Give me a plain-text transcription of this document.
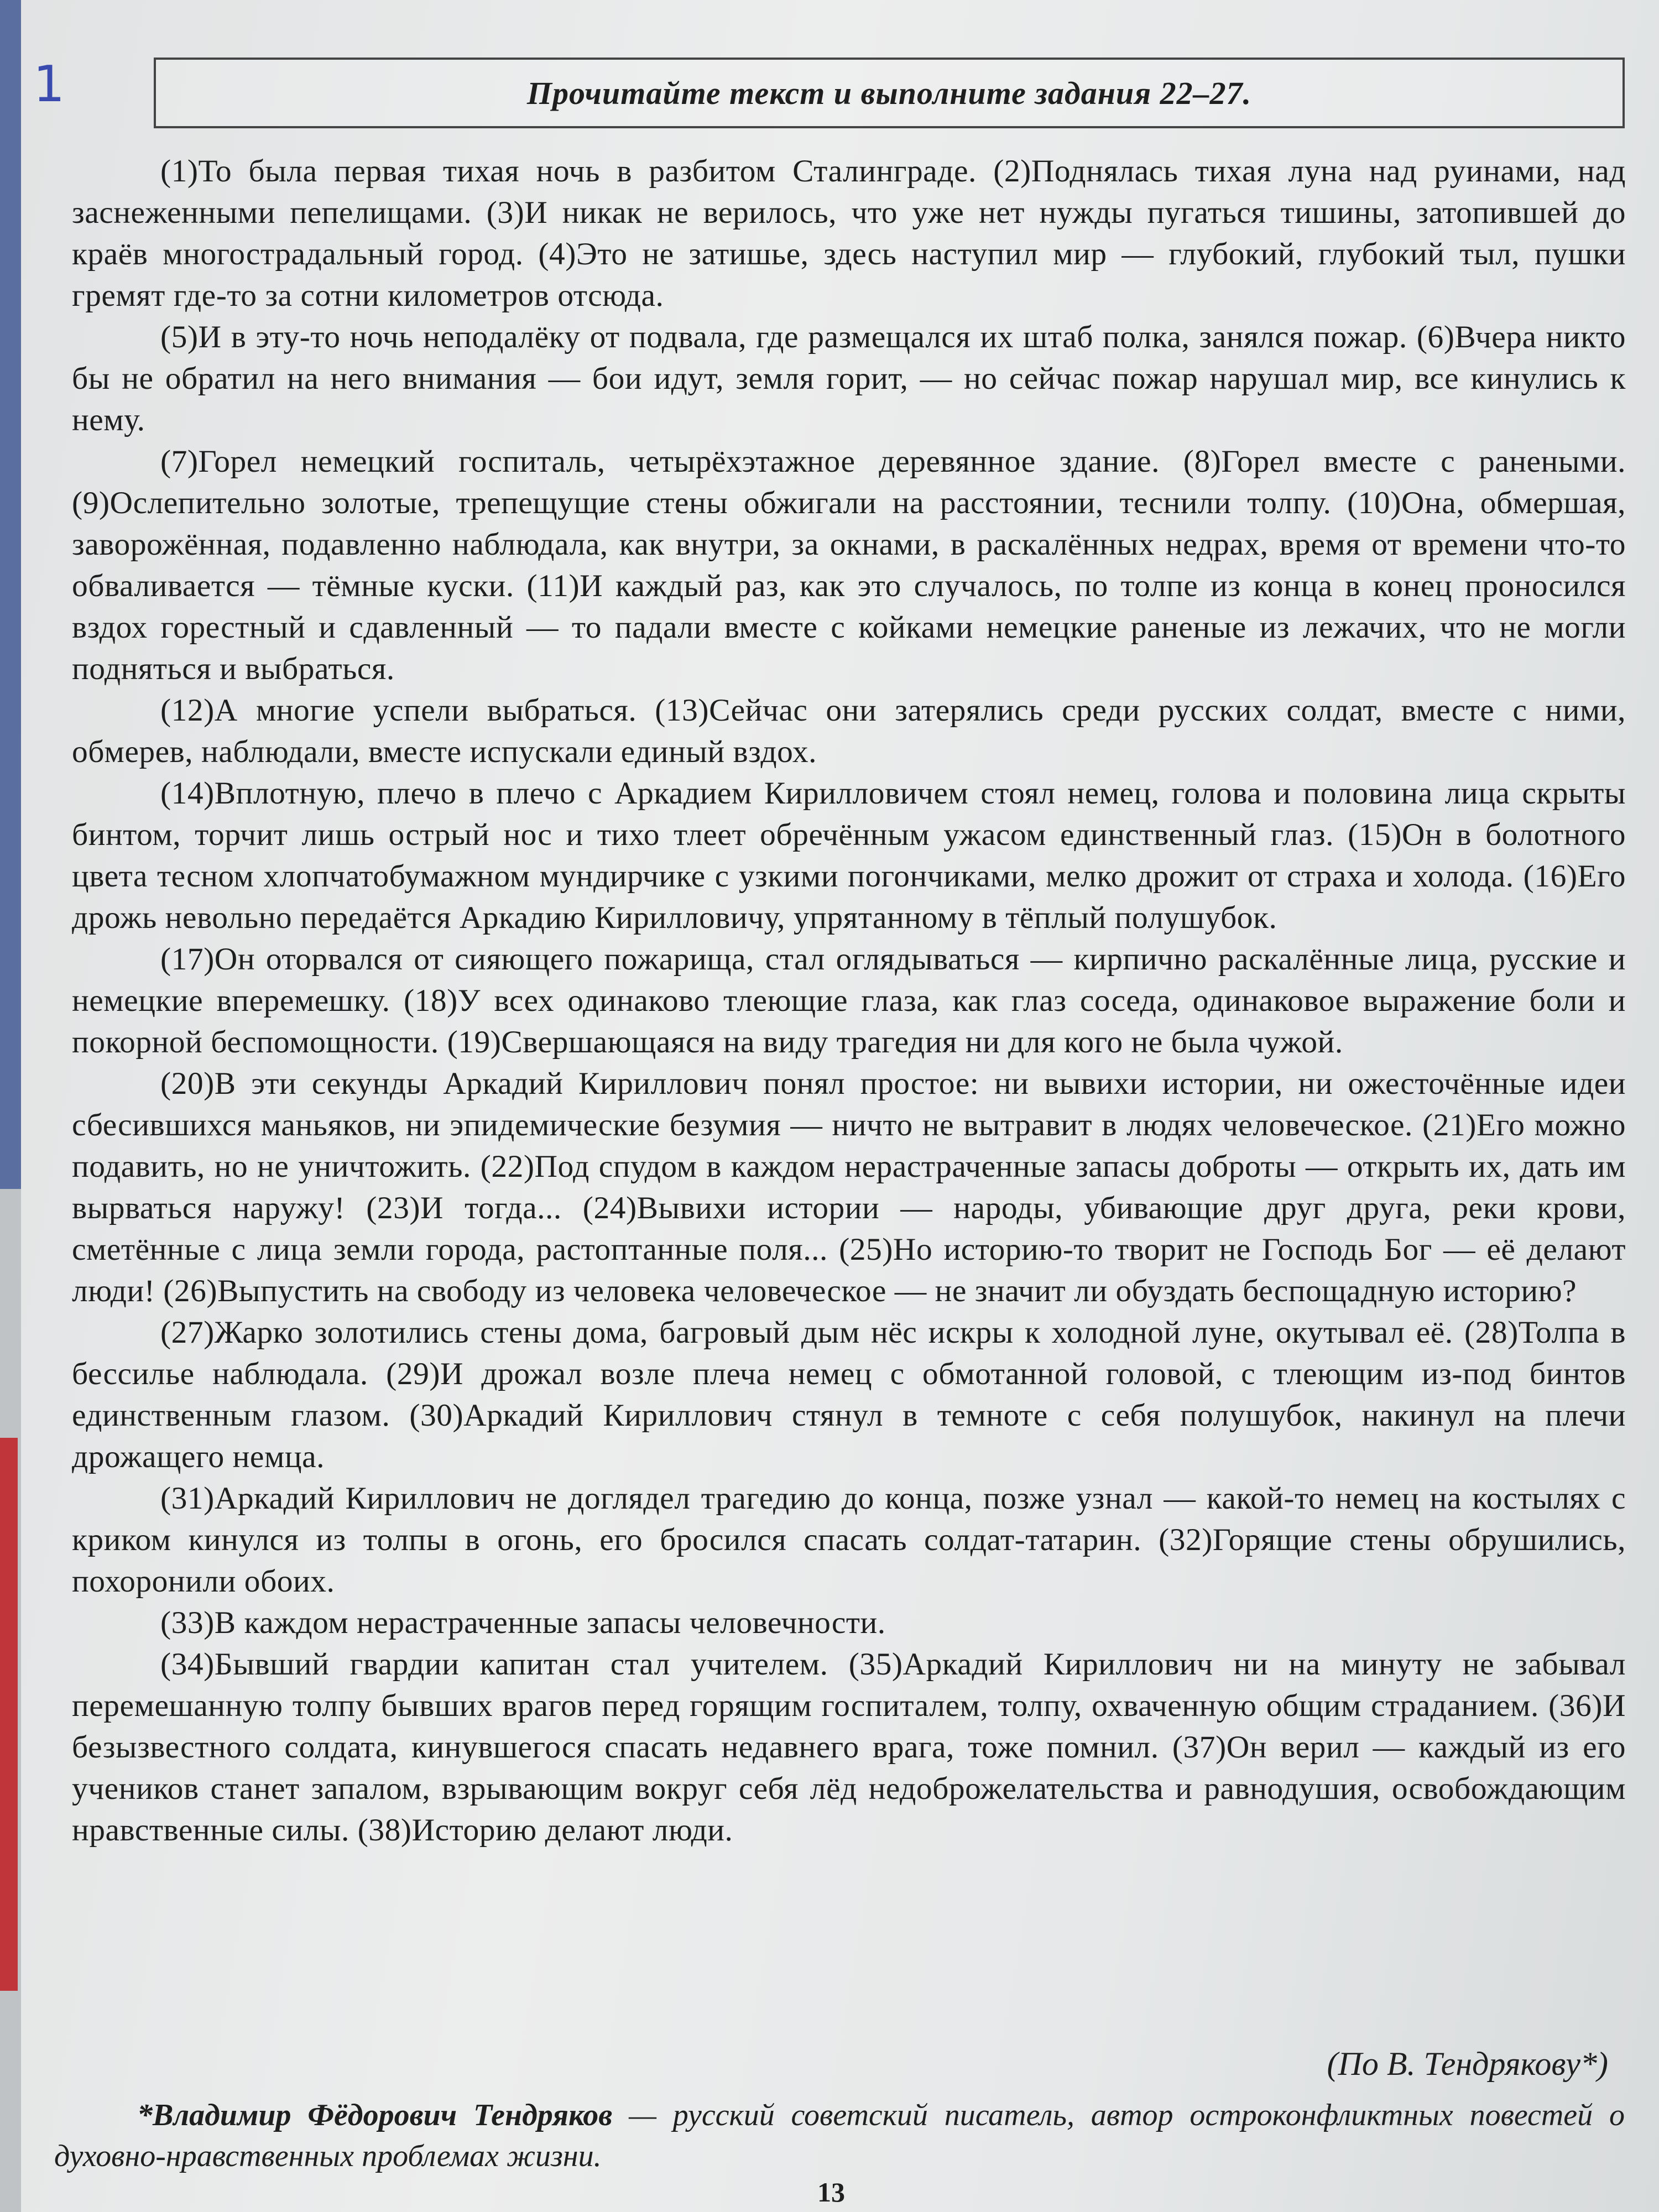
1	Прочитайте текст и выполните задания 22–27.

(1)То была первая тихая ночь в разбитом Сталинграде. (2)Поднялась тихая луна над руинами, над заснеженными пепелищами. (3)И никак не верилось, что уже нет нужды пугаться тишины, затопившей до краёв многострадальный город. (4)Это не затишье, здесь наступил мир — глубокий, глубокий тыл, пушки гремят где-то за сотни километров отсюда.

(5)И в эту-то ночь неподалёку от подвала, где размещался их штаб полка, занялся пожар. (6)Вчера никто бы не обратил на него внимания — бои идут, земля горит, — но сейчас пожар нарушал мир, все кинулись к нему.

(7)Горел немецкий госпиталь, четырёхэтажное деревянное здание. (8)Горел вместе с ранеными. (9)Ослепительно золотые, трепещущие стены обжигали на расстоянии, теснили толпу. (10)Она, обмершая, заворожённая, подавленно наблюдала, как внутри, за окнами, в раскалённых недрах, время от времени что-то обваливается — тёмные куски. (11)И каждый раз, как это случалось, по толпе из конца в конец проносился вздох горестный и сдавленный — то падали вместе с койками немецкие раненые из лежачих, что не могли подняться и выбраться.

(12)А многие успели выбраться. (13)Сейчас они затерялись среди русских солдат, вместе с ними, обмерев, наблюдали, вместе испускали единый вздох.

(14)Вплотную, плечо в плечо с Аркадием Кирилловичем стоял немец, голова и половина лица скрыты бинтом, торчит лишь острый нос и тихо тлеет обречённым ужасом единственный глаз. (15)Он в болотного цвета тесном хлопчатобумажном мундирчике с узкими погончиками, мелко дрожит от страха и холода. (16)Его дрожь невольно передаётся Аркадию Кирилловичу, упрятанному в тёплый полушубок.

(17)Он оторвался от сияющего пожарища, стал оглядываться — кирпично раскалённые лица, русские и немецкие вперемешку. (18)У всех одинаково тлеющие глаза, как глаз соседа, одинаковое выражение боли и покорной беспомощности. (19)Свершающаяся на виду трагедия ни для кого не была чужой.

(20)В эти секунды Аркадий Кириллович понял простое: ни вывихи истории, ни ожесточённые идеи сбесившихся маньяков, ни эпидемические безумия — ничто не вытравит в людях человеческое. (21)Его можно подавить, но не уничтожить. (22)Под спудом в каждом нерастраченные запасы доброты — открыть их, дать им вырваться наружу! (23)И тогда... (24)Вывихи истории — народы, убивающие друг друга, реки крови, сметённые с лица земли города, растоптанные поля... (25)Но историю-то творит не Господь Бог — её делают люди! (26)Выпустить на свободу из человека человеческое — не значит ли обуздать беспощадную историю?

(27)Жарко золотились стены дома, багровый дым нёс искры к холодной луне, окутывал её. (28)Толпа в бессилье наблюдала. (29)И дрожал возле плеча немец с обмотанной головой, с тлеющим из-под бинтов единственным глазом. (30)Аркадий Кириллович стянул в темноте с себя полушубок, накинул на плечи дрожащего немца.

(31)Аркадий Кириллович не доглядел трагедию до конца, позже узнал — какой-то немец на костылях с криком кинулся из толпы в огонь, его бросился спасать солдат-татарин. (32)Горящие стены обрушились, похоронили обоих.

(33)В каждом нерастраченные запасы человечности.

(34)Бывший гвардии капитан стал учителем. (35)Аркадий Кириллович ни на минуту не забывал перемешанную толпу бывших врагов перед горящим госпиталем, толпу, охваченную общим страданием. (36)И безызвестного солдата, кинувшегося спасать недавнего врага, тоже помнил. (37)Он верил — каждый из его учеников станет запалом, взрывающим вокруг себя лёд недоброжелательства и равнодушия, освобождающим нравственные силы. (38)Историю делают люди.

(По В. Тендрякову*)
*Владимир Фёдорович Тендряков — русский советский писатель, автор остроконфликтных повестей о духовно-нравственных проблемах жизни.
13
